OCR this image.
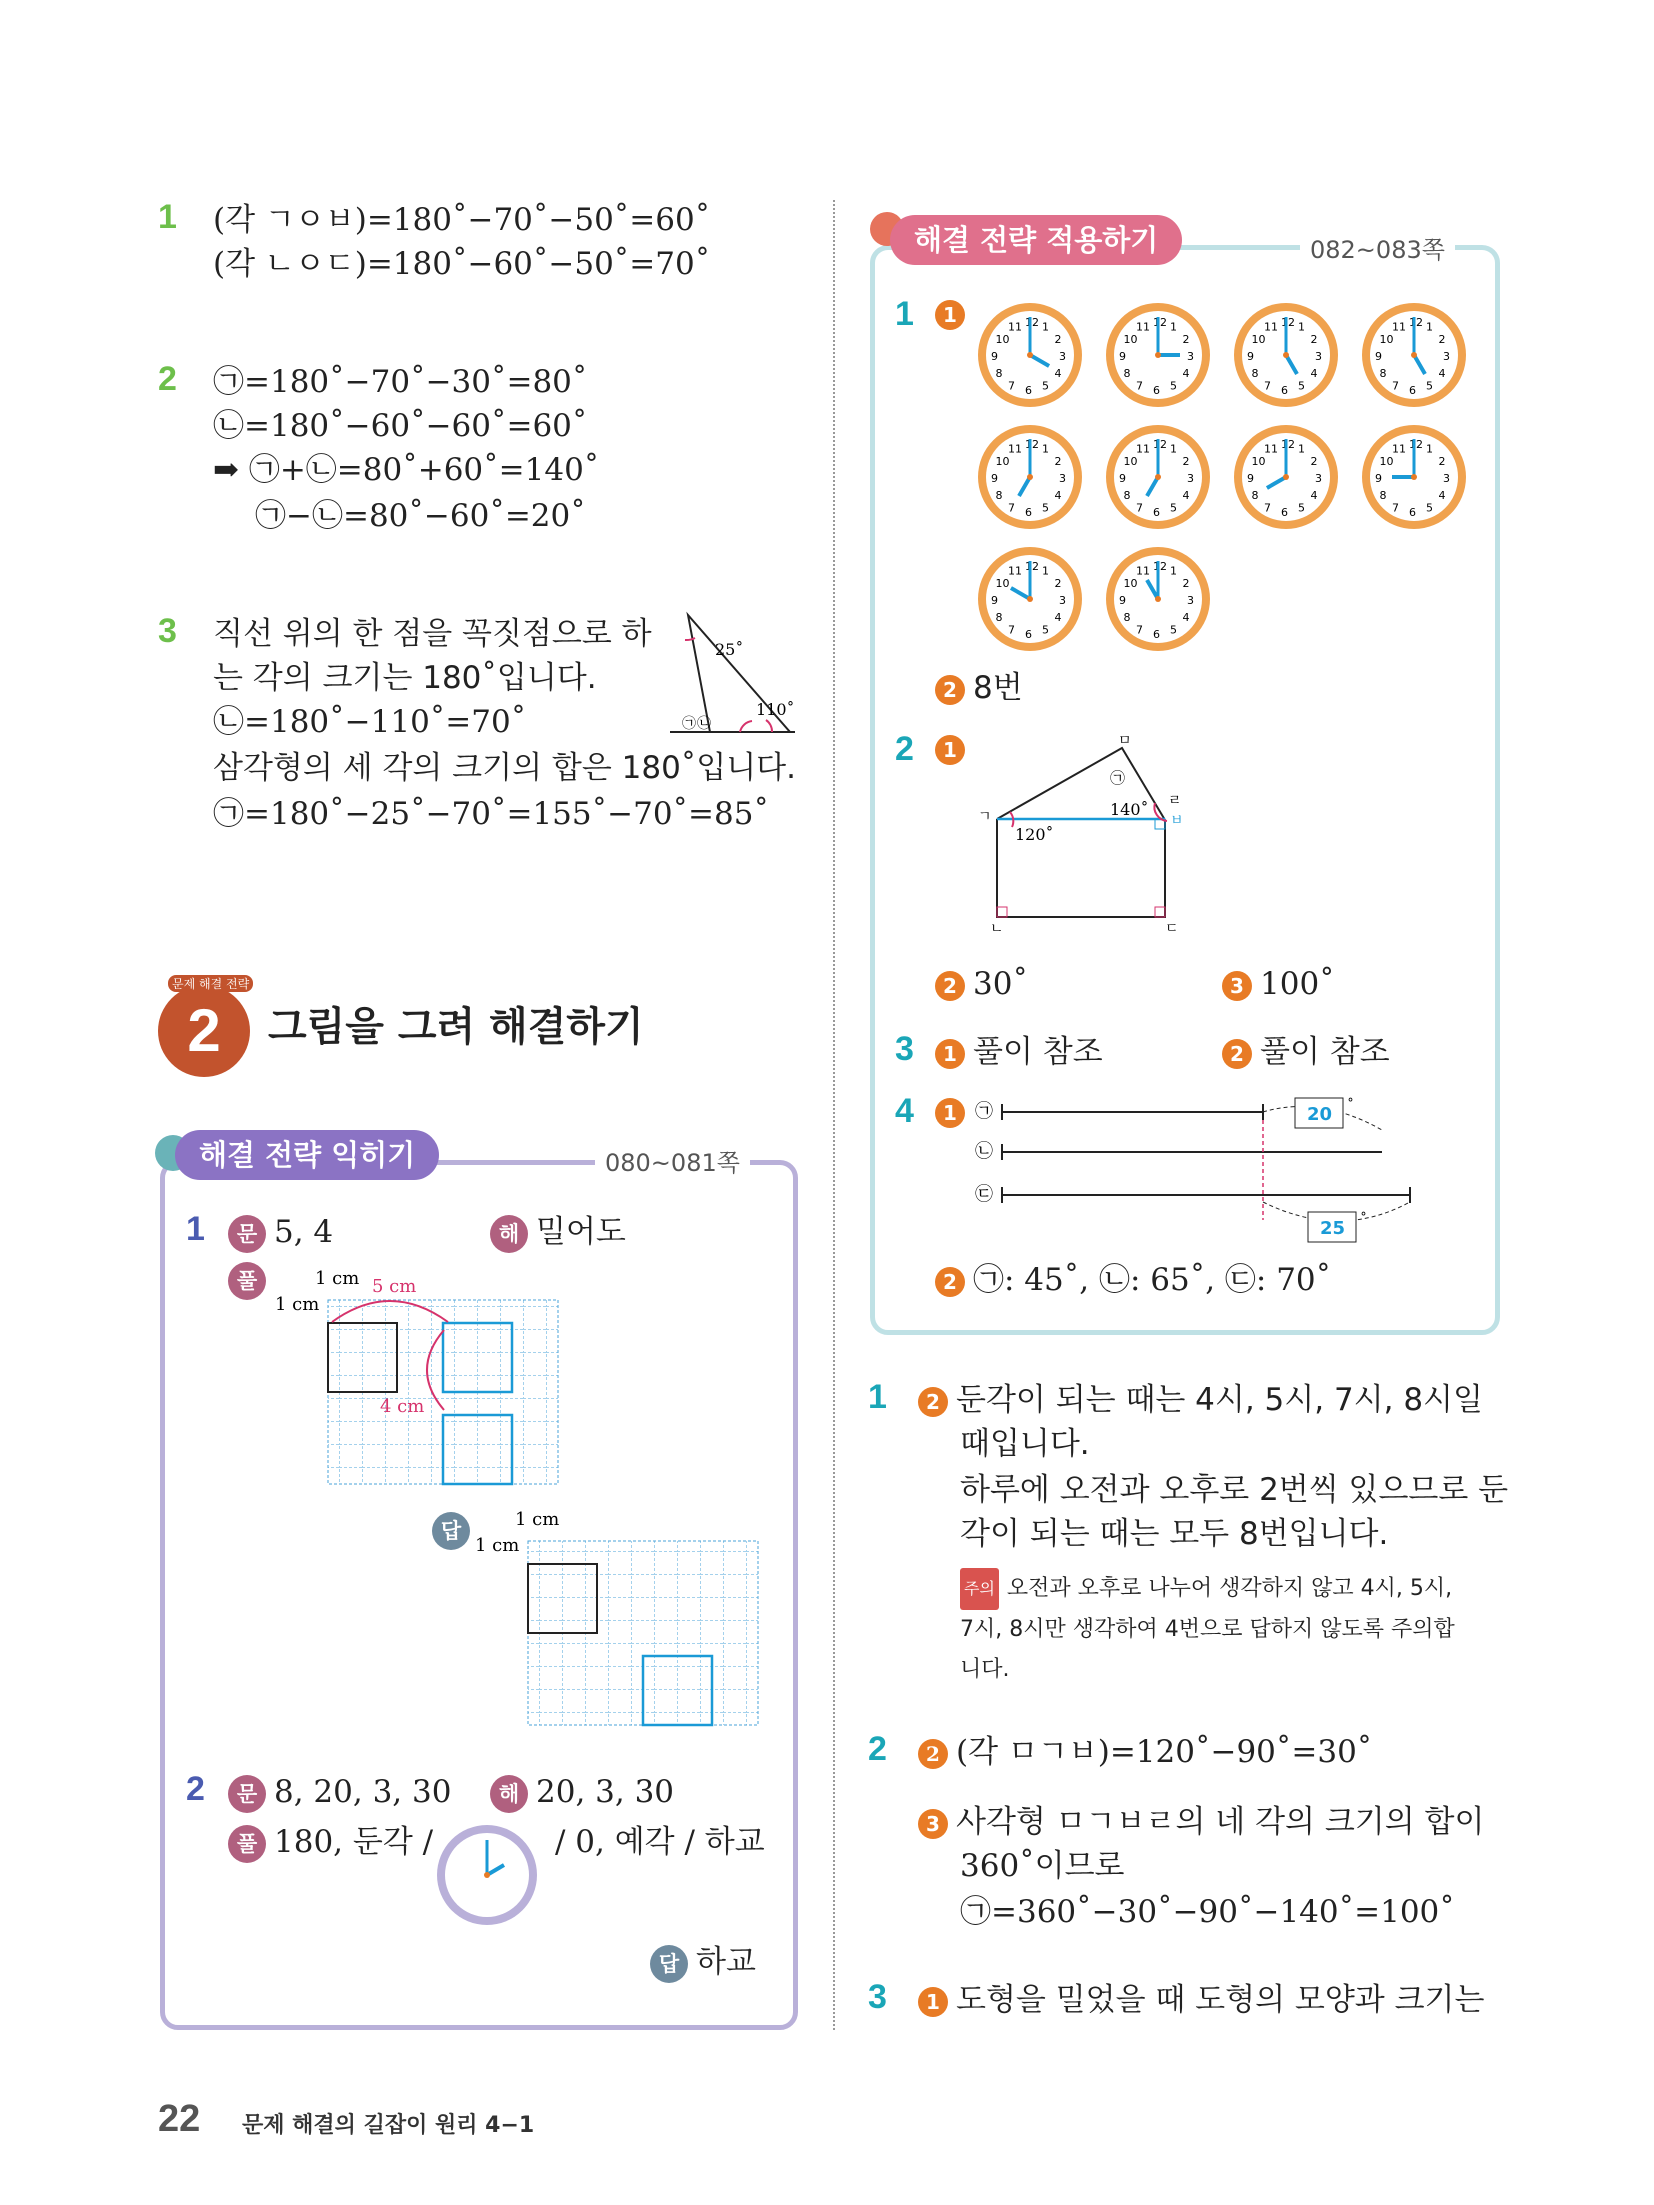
1 (각 ㄱㅇㅂ)=180˚−70˚−50˚=60˚
(각 ㄴㅇㄷ)=180˚−60˚−50˚=70˚
2 ㉠=180˚−70˚−30˚=80˚
㉡=180˚−60˚−60˚=60˚
➡ ㉠+㉡=80˚+60˚=140˚
㉠−㉡=80˚−60˚=20˚
3 직선 위의 한 점을 꼭짓점으로 하
는 각의 크기는 180˚입니다.
㉡=180˚−110˚=70˚
삼각형의 세 각의 크기의 합은 180˚입니다.
㉠=180˚−25˚−70˚=155˚−70˚=85˚
25˚
110˚
㉠ ㉡
2
문제 해결 전략
그림을 그려 해결하기
해결 전략 익히기	080~081쪽
1	문 5, 4	해 밀어도
풀	1 cm
1 cm
5 cm
4 cm
답	1 cm
1 cm
2	문 8, 20, 3, 30	해 20, 3, 30
풀 180, 둔각 /	/ 0, 예각 / 하교
답 하교
해결 전략 적용하기	082~083쪽
1	1
1
2
3
4
5
6
7
8
9
10
11 12	1
2
3
4
5
6
7
8
9
10
11 12	1
2
3
4
5
6
7
8
9
10
11 12	1
2
3
4
5
6
7
8
9
10
11 12
1
2
3
4
5
6
7
8
9
10
11 12	1
2
3
4
5
6
7
8
9
10
11 12	1
2
3
4
5
6
7
8
9
10
11 12	1
2
3
4
5
6
7
8
9
10
11 12
1
2
3
4
5
6
7
8
9
10
11 12	1
2
3
4
5
6
7
8
9
10
11 12
2 8번
2	1	ㅁ
㉠
ㄹ
ㅂ
ㄱ
ㄴ	ㄷ
120˚
140˚
2 30˚	3 100˚
3	1 풀이 참조	2 풀이 참조
4	1	㉠
㉡
㉢
20 ˚
25 ˚
2 ㉠: 45˚, ㉡: 65˚, ㉢: 70˚
1	2 둔각이 되는 때는 4시, 5시, 7시, 8시일
때입니다.
하루에 오전과 오후로 2번씩 있으므로 둔
각이 되는 때는 모두 8번입니다.
주의 오전과 오후로 나누어 생각하지 않고 4시, 5시,
7시, 8시만 생각하여 4번으로 답하지 않도록 주의합
니다.
2	2 (각 ㅁㄱㅂ)=120˚−90˚=30˚
3 사각형 ㅁㄱㅂㄹ의 네 각의 크기의 합이
360˚이므로
㉠=360˚−30˚−90˚−140˚=100˚
3	1 도형을 밀었을 때 도형의 모양과 크기는
22 문제 해결의 길잡이 원리 4−1
